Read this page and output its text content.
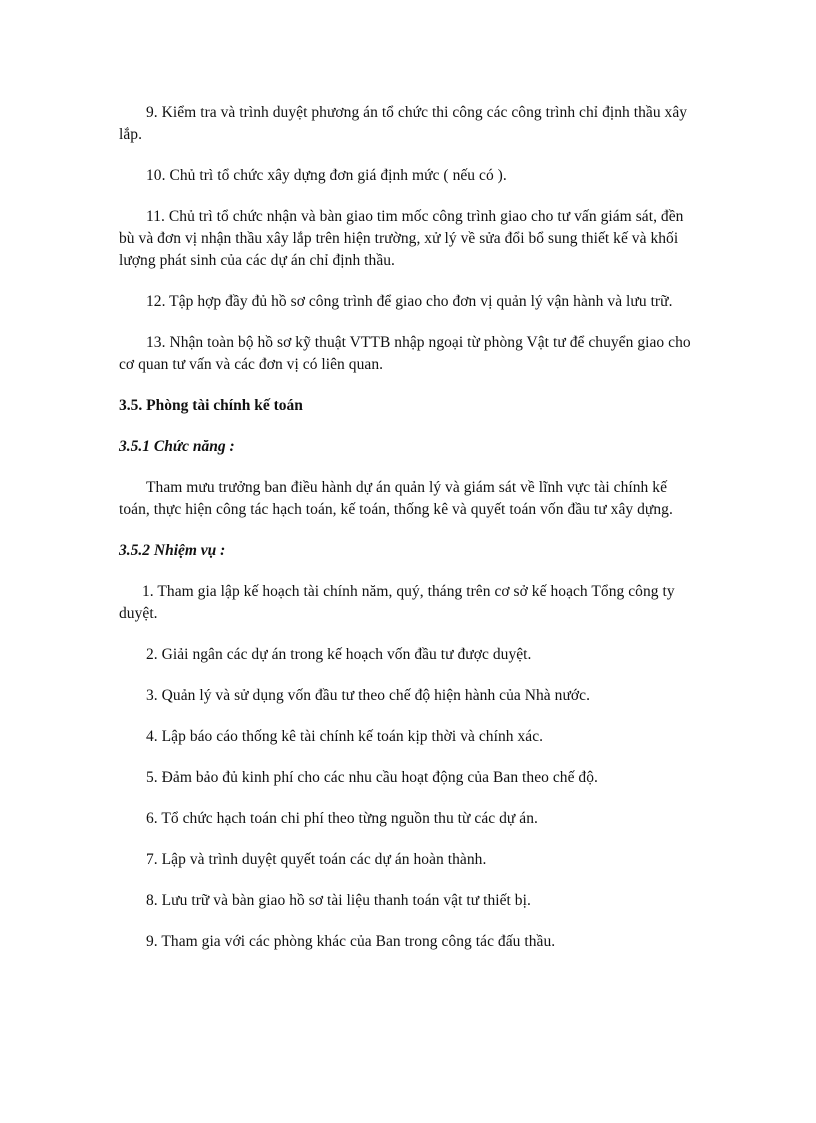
9. Kiểm tra và trình duyệt phương án tổ chức thi công các công trình chỉ định thầu xây lắp.

10. Chủ trì tổ chức xây dựng đơn giá định mức ( nếu có ).

11. Chủ trì tổ chức nhận và bàn giao tim mốc công trình giao cho tư vấn giám sát, đền bù và đơn vị nhận thầu xây lắp trên hiện trường, xử lý về sửa đổi bổ sung thiết kế và khối lượng phát sinh của các dự án chỉ định thầu.

12. Tập hợp đầy đủ hồ sơ công trình để giao cho đơn vị quản lý vận hành và lưu trữ.

13. Nhận toàn bộ hồ sơ kỹ thuật VTTB nhập ngoại từ phòng Vật tư để chuyển giao cho cơ quan tư vấn và các đơn vị có liên quan.

3.5. Phòng tài chính kế toán
3.5.1 Chức năng :

Tham mưu trưởng ban điều hành dự án quản lý và giám sát về lĩnh vực tài chính kế toán, thực hiện công tác hạch toán, kế toán, thống kê và quyết toán vốn đầu tư xây dựng.

3.5.2 Nhiệm vụ :

1. Tham gia lập kế hoạch tài chính năm, quý, tháng trên cơ sở kế hoạch Tổng công ty duyệt.

2. Giải ngân các dự án trong kế hoạch vốn đầu tư được duyệt.

3. Quản lý và sử dụng vốn đầu tư theo chế độ hiện hành của Nhà nước.

4. Lập báo cáo thống kê tài chính kế toán kịp thời và chính xác.

5. Đảm bảo đủ kinh phí cho các nhu cầu hoạt động của Ban theo chế độ.

6. Tổ chức hạch toán chi phí theo từng nguồn thu từ các dự án.

7. Lập và trình duyệt quyết toán các dự án hoàn thành.

8. Lưu trữ và bàn giao hồ sơ tài liệu thanh toán vật tư thiết bị.

9. Tham gia với các phòng khác của Ban trong công tác đấu thầu.
